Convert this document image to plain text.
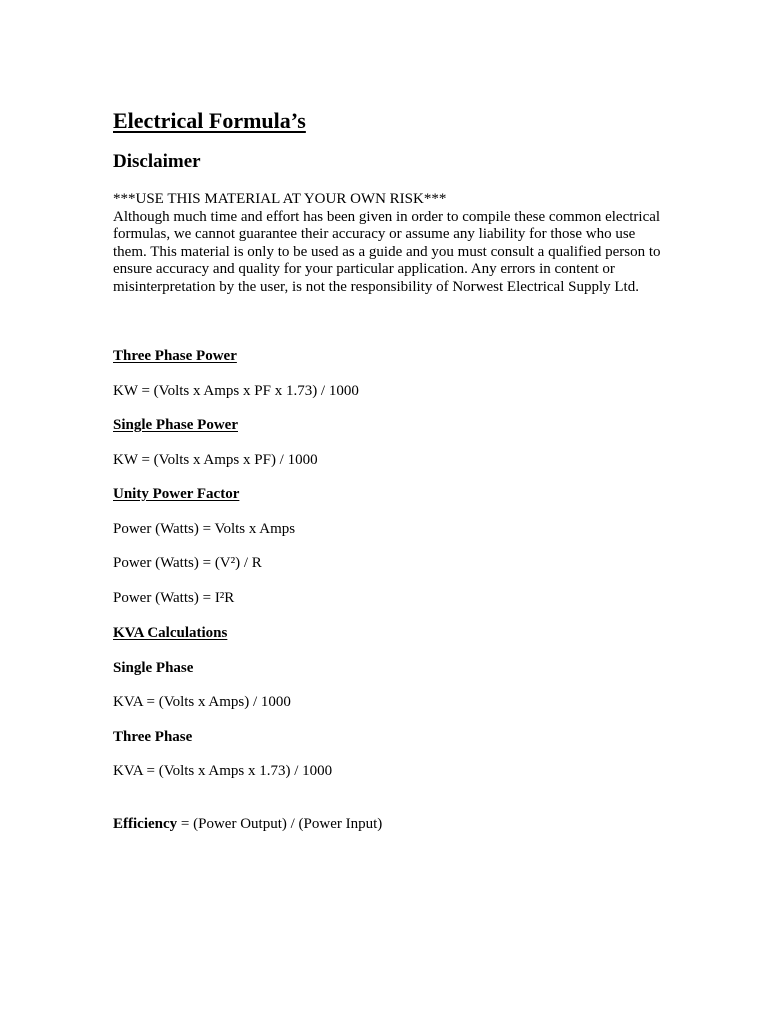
Electrical Formula’s
Disclaimer

***USE THIS MATERIAL AT YOUR OWN RISK***

Although much time and effort has been given in order to compile these common electrical formulas, we cannot guarantee their accuracy or assume any liability for those who use them. This material is only to be used as a guide and you must consult a qualified person to ensure accuracy and quality for your particular application. Any errors in content or misinterpretation by the user, is not the responsibility of Norwest Electrical Supply Ltd.

Three Phase Power
KW = (Volts x Amps x PF x 1.73) / 1000
Single Phase Power
KW = (Volts x Amps x PF) / 1000
Unity Power Factor
Power (Watts) = Volts x Amps
Power (Watts) = (V²) / R
Power (Watts) = I²R
KVA Calculations
Single Phase
KVA = (Volts x Amps) / 1000
Three Phase
KVA = (Volts x Amps x 1.73) / 1000
Efficiency = (Power Output) / (Power Input)
